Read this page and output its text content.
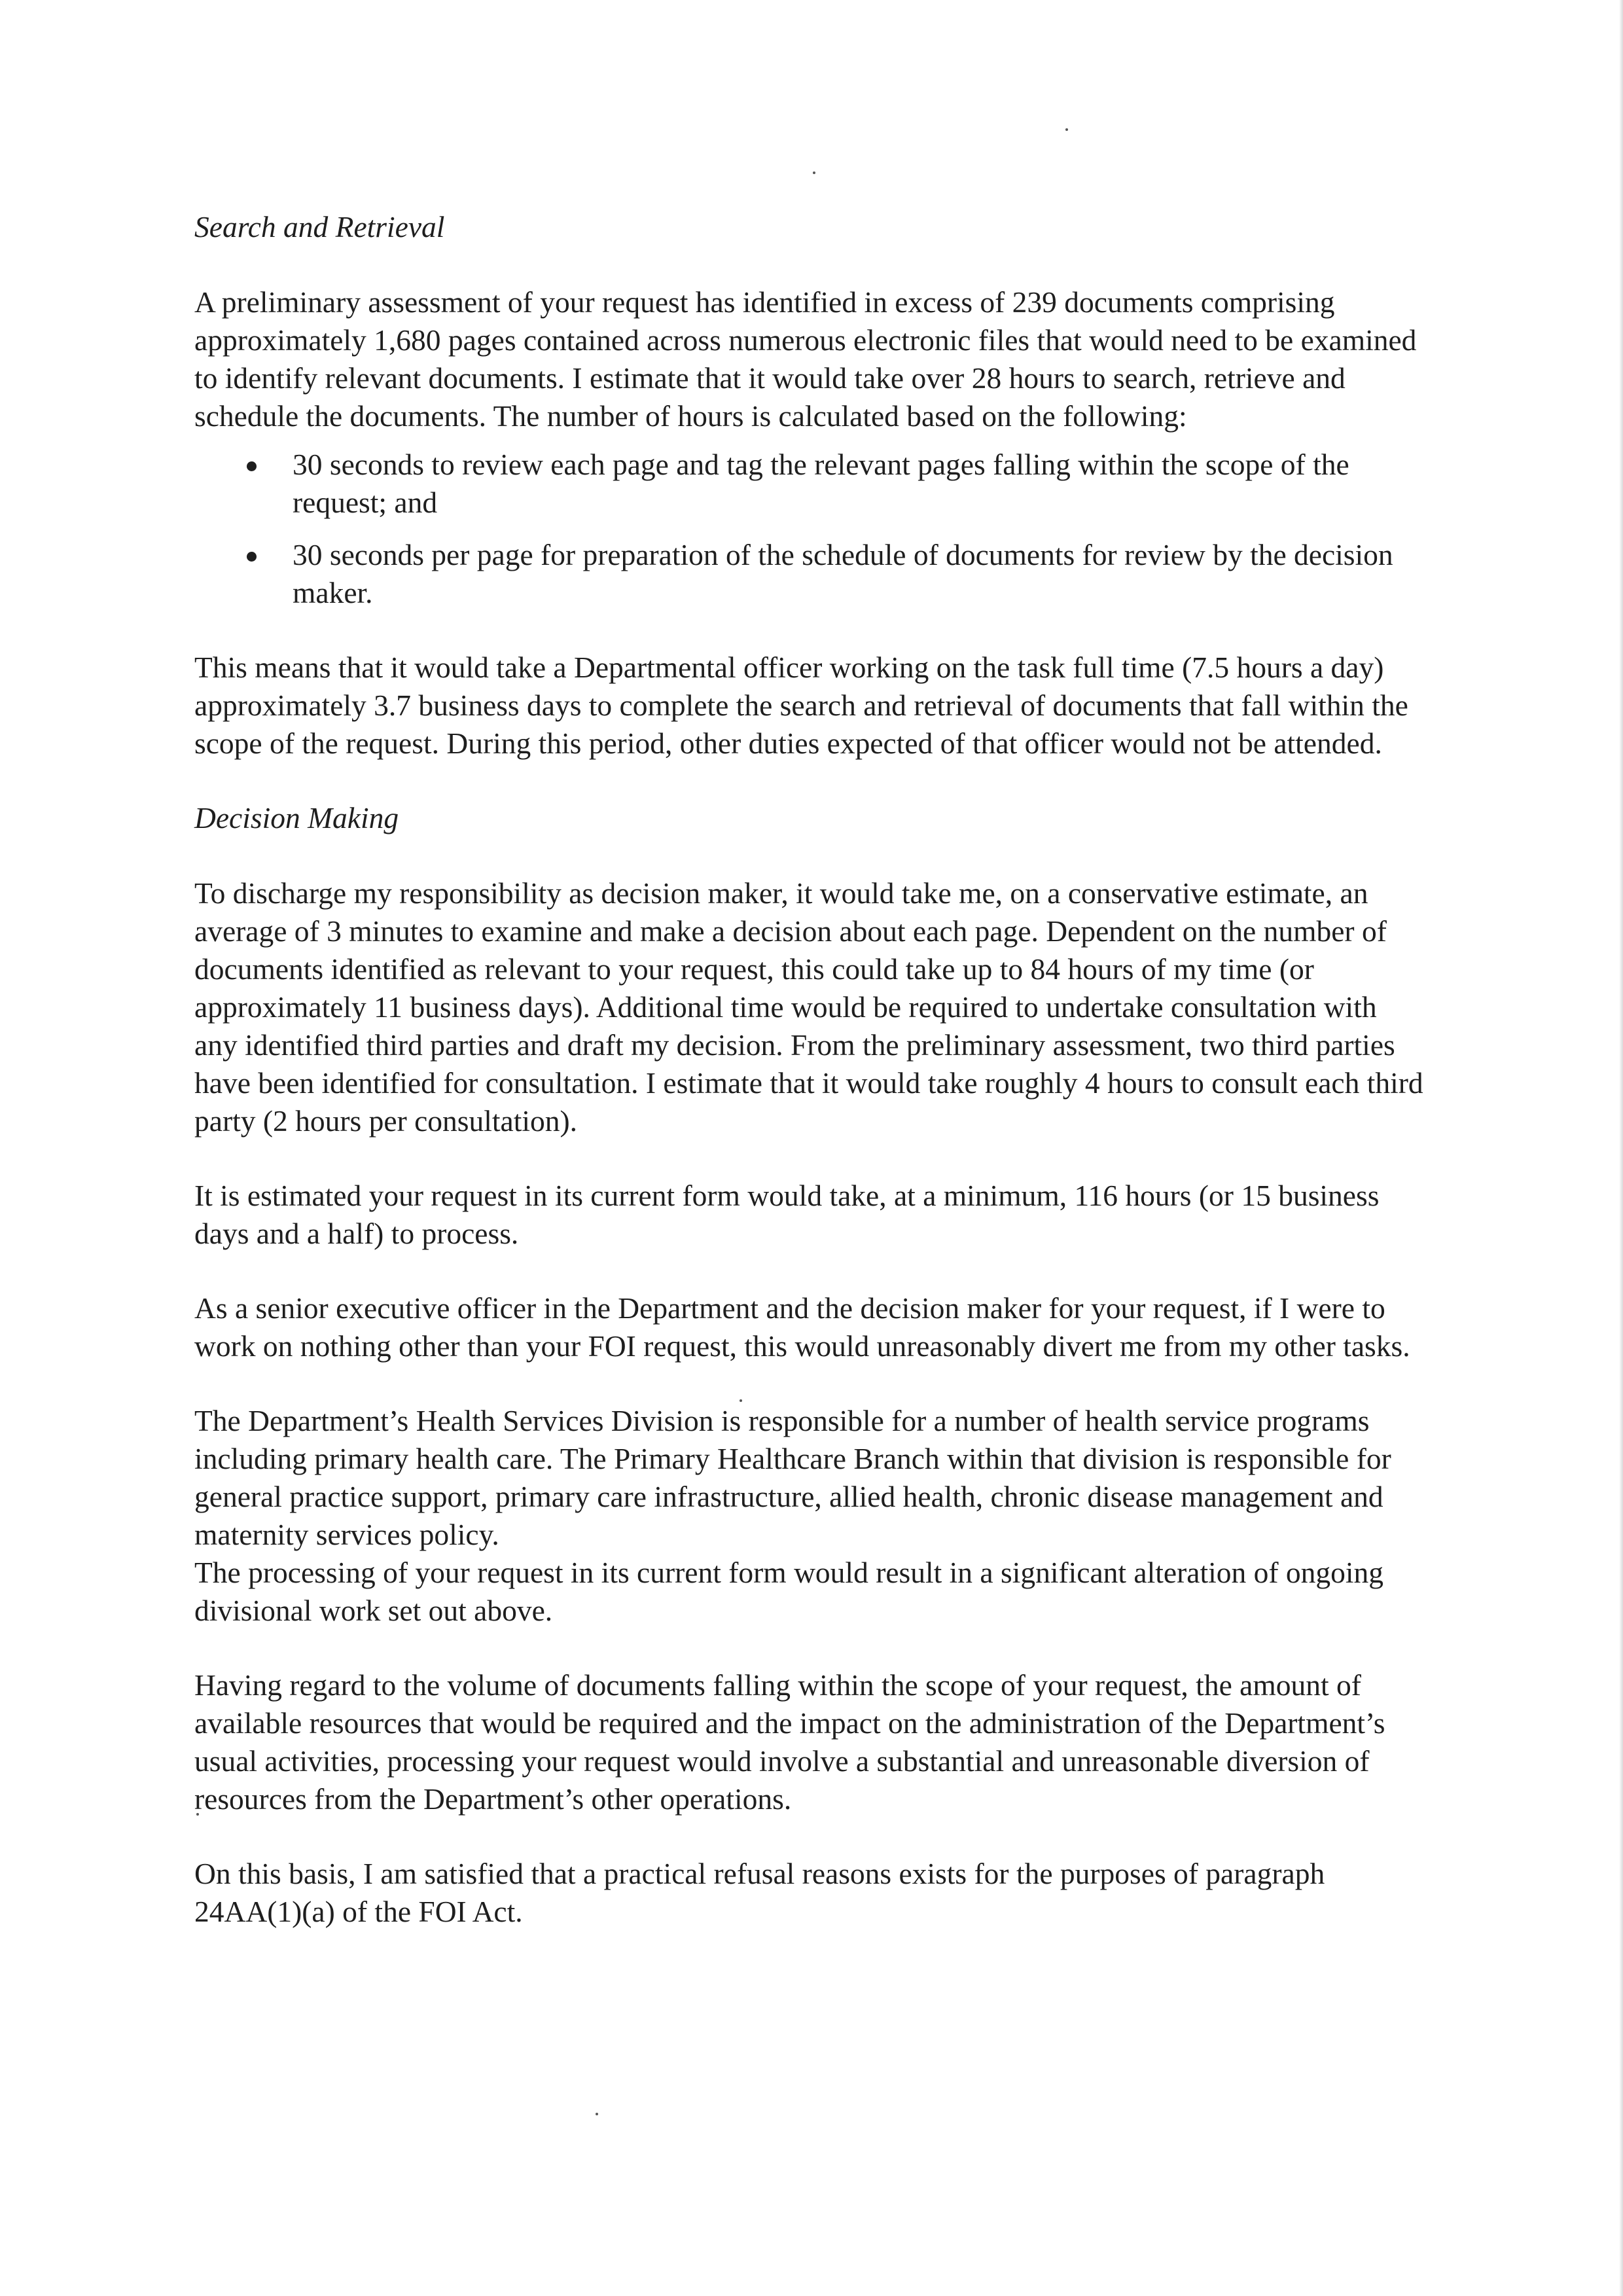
Search and Retrieval

A preliminary assessment of your request has identified in excess of 239 documents comprising approximately 1,680 pages contained across numerous electronic files that would need to be examined to identify relevant documents. I estimate that it would take over 28 hours to search, retrieve and schedule the documents. The number of hours is calculated based on the following:

30 seconds to review each page and tag the relevant pages falling within the scope of the request; and
30 seconds per page for preparation of the schedule of documents for review by the decision maker.

This means that it would take a Departmental officer working on the task full time (7.5 hours a day) approximately 3.7 business days to complete the search and retrieval of documents that fall within the scope of the request. During this period, other duties expected of that officer would not be attended.

Decision Making

To discharge my responsibility as decision maker, it would take me, on a conservative estimate, an average of 3 minutes to examine and make a decision about each page. Dependent on the number of documents identified as relevant to your request, this could take up to 84 hours of my time (or approximately 11 business days). Additional time would be required to undertake consultation with any identified third parties and draft my decision. From the preliminary assessment, two third parties have been identified for consultation. I estimate that it would take roughly 4 hours to consult each third party (2 hours per consultation).

It is estimated your request in its current form would take, at a minimum, 116 hours (or 15 business days and a half) to process.

As a senior executive officer in the Department and the decision maker for your request, if I were to work on nothing other than your FOI request, this would unreasonably divert me from my other tasks.

The Department’s Health Services Division is responsible for a number of health service programs including primary health care. The Primary Healthcare Branch within that division is responsible for general practice support, primary care infrastructure, allied health, chronic disease management and maternity services policy.

The processing of your request in its current form would result in a significant alteration of ongoing divisional work set out above.

Having regard to the volume of documents falling within the scope of your request, the amount of available resources that would be required and the impact on the administration of the Department’s usual activities, processing your request would involve a substantial and unreasonable diversion of resources from the Department’s other operations.

On this basis, I am satisfied that a practical refusal reasons exists for the purposes of paragraph 24AA(1)(a) of the FOI Act.
